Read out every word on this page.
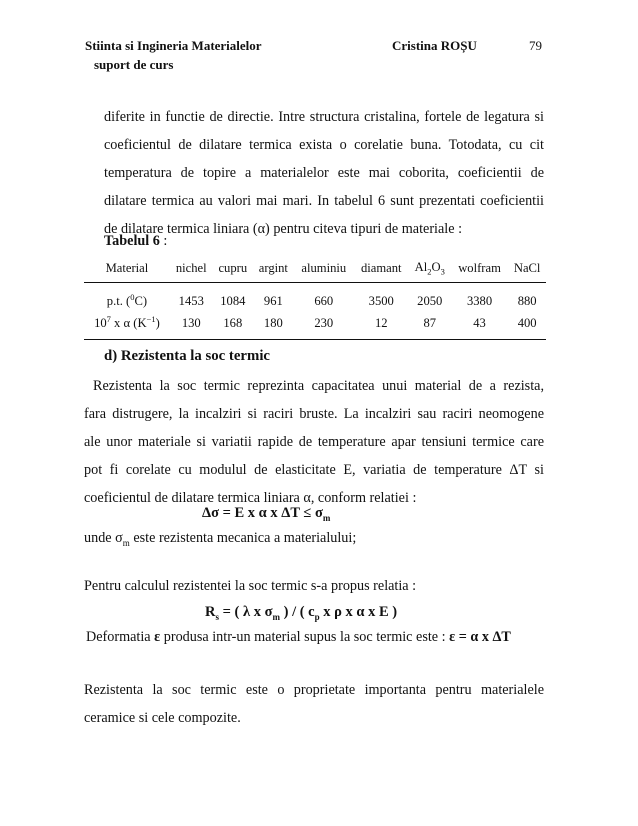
Stiinta si Ingineria Materialelor
suport de curs
Cristina ROȘU	79
diferite in functie de directie. Intre structura cristalina, fortele de legatura si
coeficientul de dilatare termica exista o corelatie buna. Totodata, cu cit
temperatura de topire a materialelor este mai coborita, coeficientii de
dilatare termica au valori mai mari. In tabelul 6 sunt prezentati coeficientii
de dilatare termica liniara (α) pentru citeva tipuri de materiale :
Tabelul 6 :
Material	nichel	cupru	argint	aluminiu	diamant	$Al_2O_3$	wolfram	NaCl
p.t. ($^0$C)	1453	1084	961	660	3500	2050	3380	880
$10^7$ x α $(K^{-1})$	130	168	180	230	12	87	43	400
d) Rezistenta la soc termic
Rezistenta la soc termic reprezinta capacitatea unui material de a rezista,
fara distrugere, la incalziri si raciri bruste. La incalziri sau raciri neomogene
ale unor materiale si variatii rapide de temperature apar tensiuni termice care
pot fi corelate cu modulul de elasticitate E, variatia de temperature ΔT si
coeficientul de dilatare termica liniara α, conform relatiei :
Δσ = E x α x $\Delta T \le \sigma_m$
unde $\sigma_m$ este rezistenta mecanica a materialului;
Pentru calculul rezistentei la soc termic s-a propus relatia :
$R_s$ = ( λ x $\sigma_m$ ) / ( $c_p$ x ρ x α x E )
Deformatia ε produsa intr-un material supus la soc termic este : ε = α x ΔT
Rezistenta la soc termic este o proprietate importanta pentru materialele
ceramice si cele compozite.
